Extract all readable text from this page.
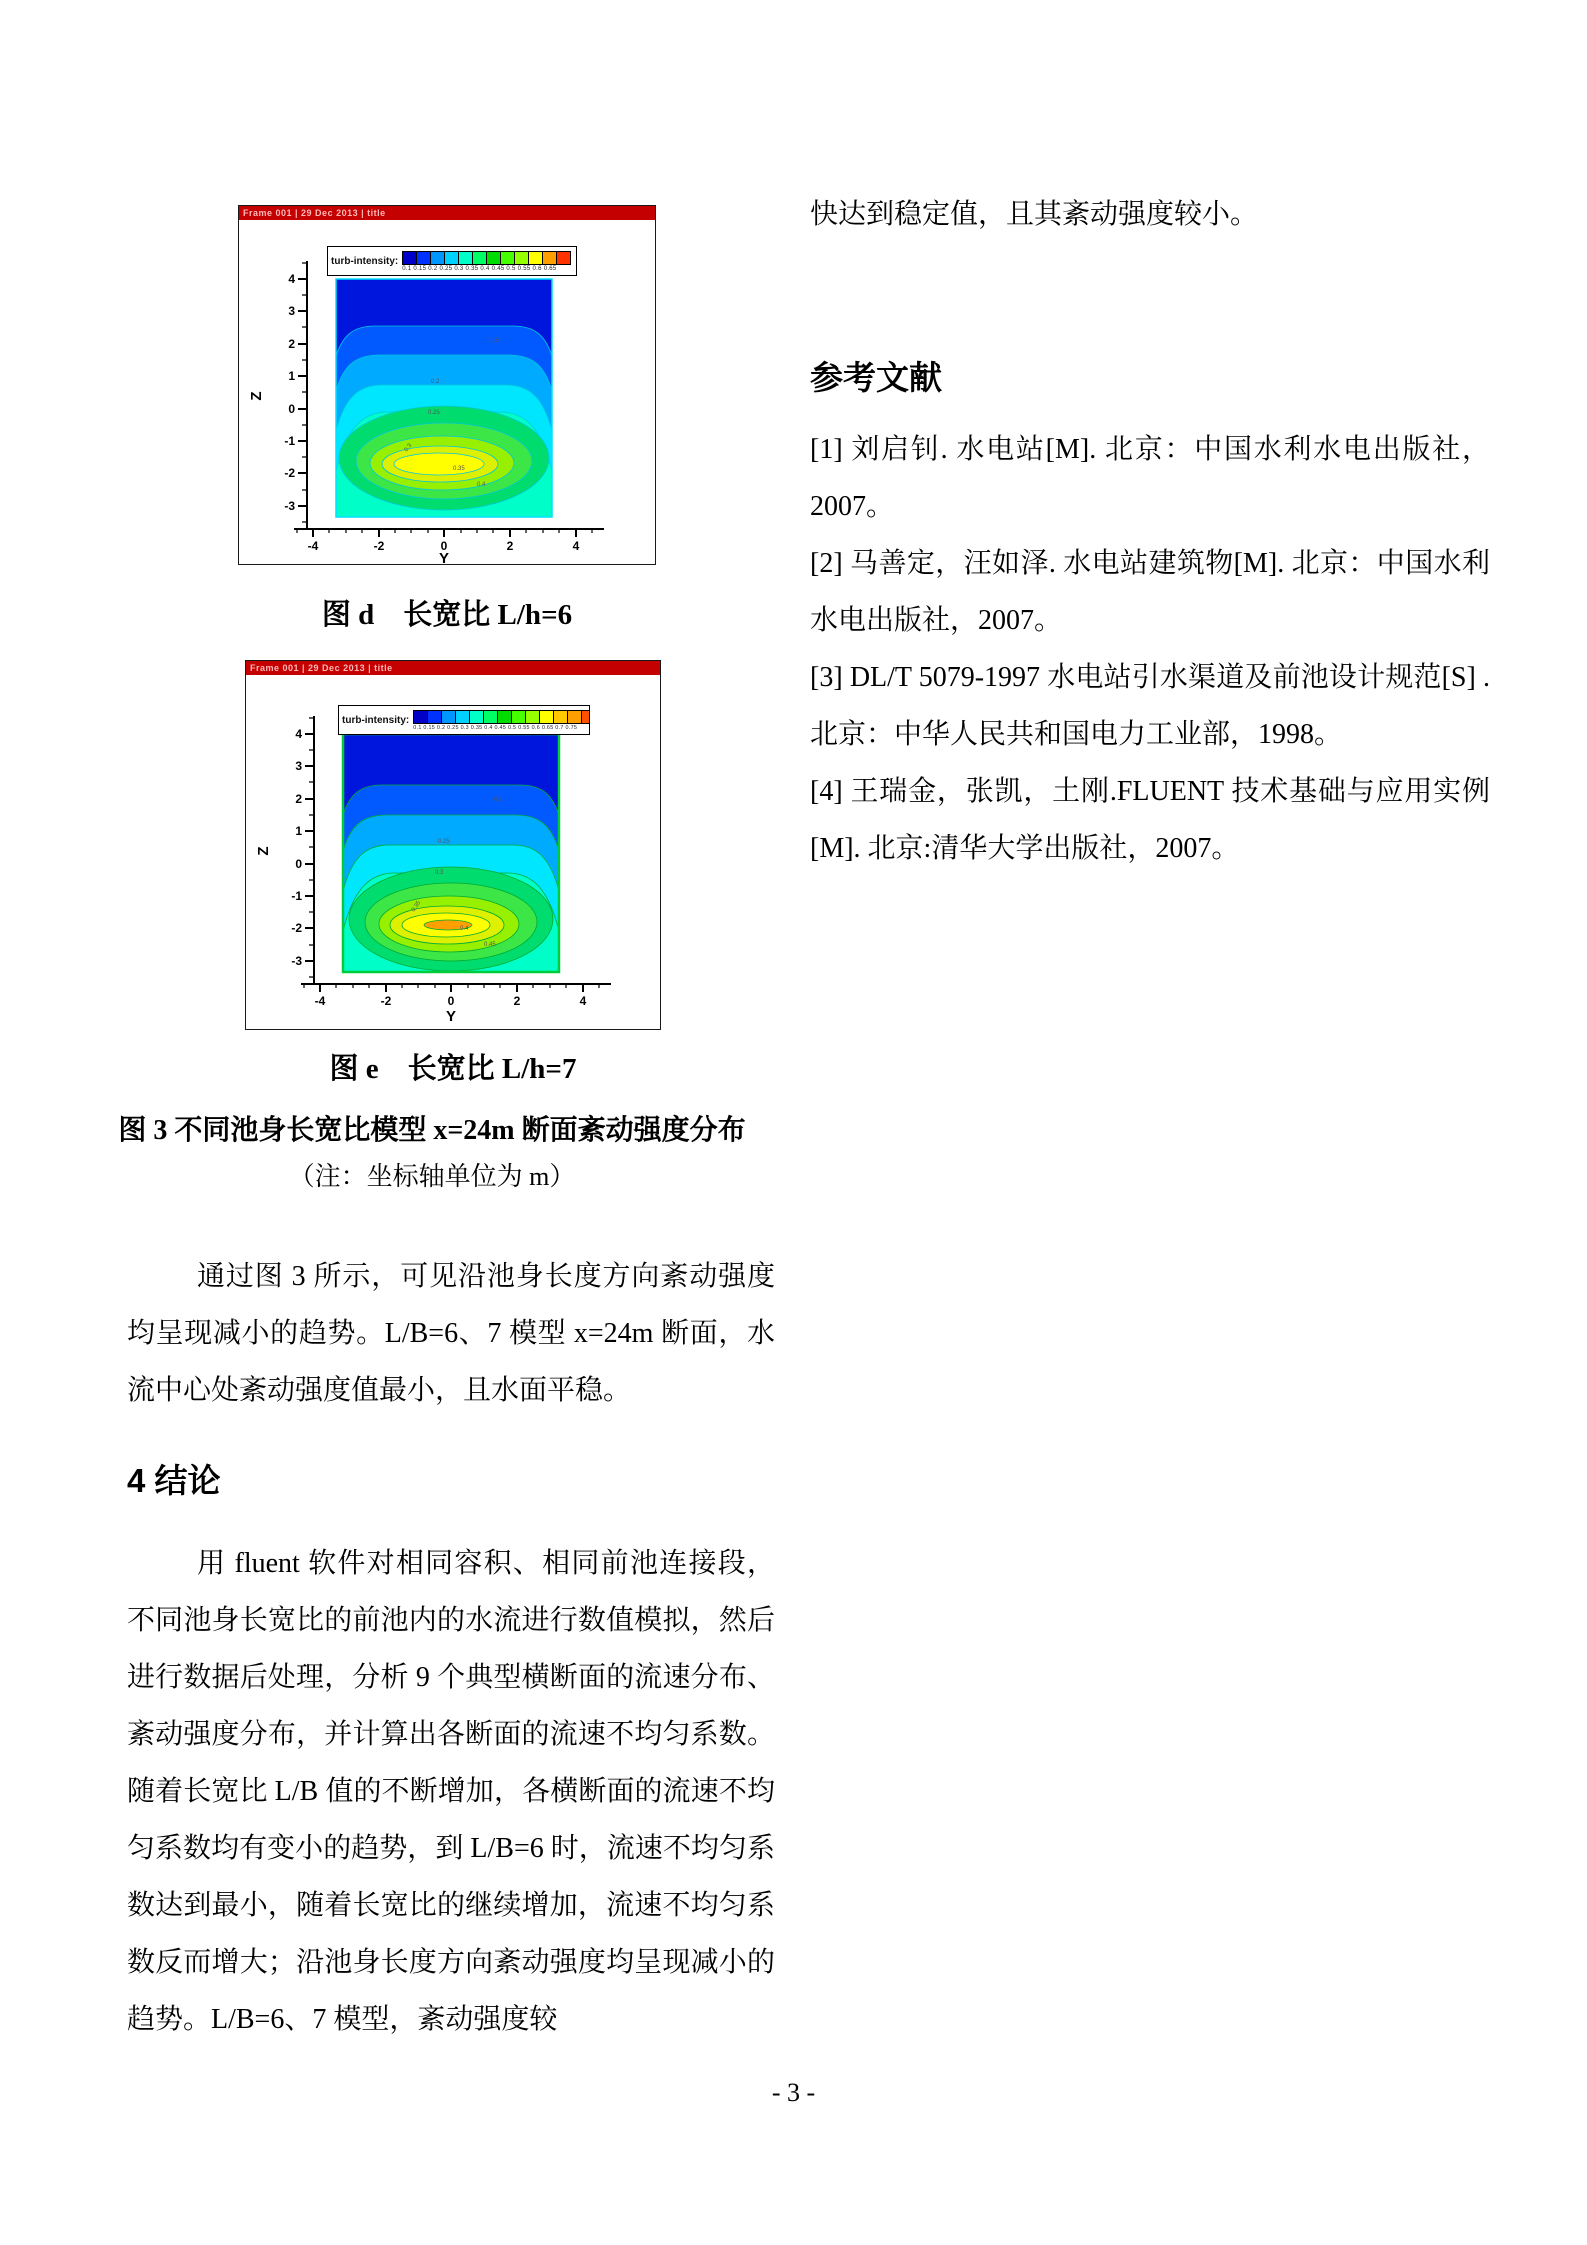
Frame 001 | 29 Dec 2013 | title
0.15
0.2
0.25
0.3
0.35
0.4
4
3
2
1
0
-1
-2
-3
-4	-2	0	2	4
Z
Y
turb-intensity:
0.1 0.15 0.2 0.25 0.3 0.35 0.4 0.45 0.5 0.55 0.6 0.65
图 d　长宽比 L/h=6
Frame 001 | 29 Dec 2013 | title
0.2
0.25
0.3
0.35
0.4
0.45
4
3
2
1
0
-1
-2
-3
-4	-2	0	2	4
Z
Y
turb-intensity:
0.1 0.15 0.2 0.25 0.3 0.35 0.4 0.45 0.5 0.55 0.6 0.65 0.7 0.75
图 e　长宽比 L/h=7
图 3 不同池身长宽比模型 x=24m 断面紊动强度分布
（注：坐标轴单位为 m）

通过图 3 所示，可见沿池身长度方向紊动强度均呈现减小的趋势。L/B=6、7 模型 x=24m 断面，水流中心处紊动强度值最小，且水面平稳。

4 结论

用 fluent 软件对相同容积、相同前池连接段，不同池身长宽比的前池内的水流进行数值模拟，然后进行数据后处理，分析 9 个典型横断面的流速分布、紊动强度分布，并计算出各断面的流速不均匀系数。随着长宽比 L/B 值的不断增加，各横断面的流速不均匀系数均有变小的趋势，到 L/B=6 时，流速不均匀系数达到最小，随着长宽比的继续增加，流速不均匀系数反而增大；沿池身长度方向紊动强度均呈现减小的趋势。L/B=6、7 模型，紊动强度较

快达到稳定值，且其紊动强度较小。

参考文献

[1] 刘启钊. 水电站[M]. 北京：中国水利水电出版社，2007。

[2] 马善定，汪如泽. 水电站建筑物[M]. 北京：中国水利水电出版社，2007。

[3] DL/T 5079-1997 水电站引水渠道及前池设计规范[S] . 北京：中华人民共和国电力工业部，1998。

[4] 王瑞金，张凯，土刚.FLUENT 技术基础与应用实例[M]. 北京:清华大学出版社，2007。

- 3 -
